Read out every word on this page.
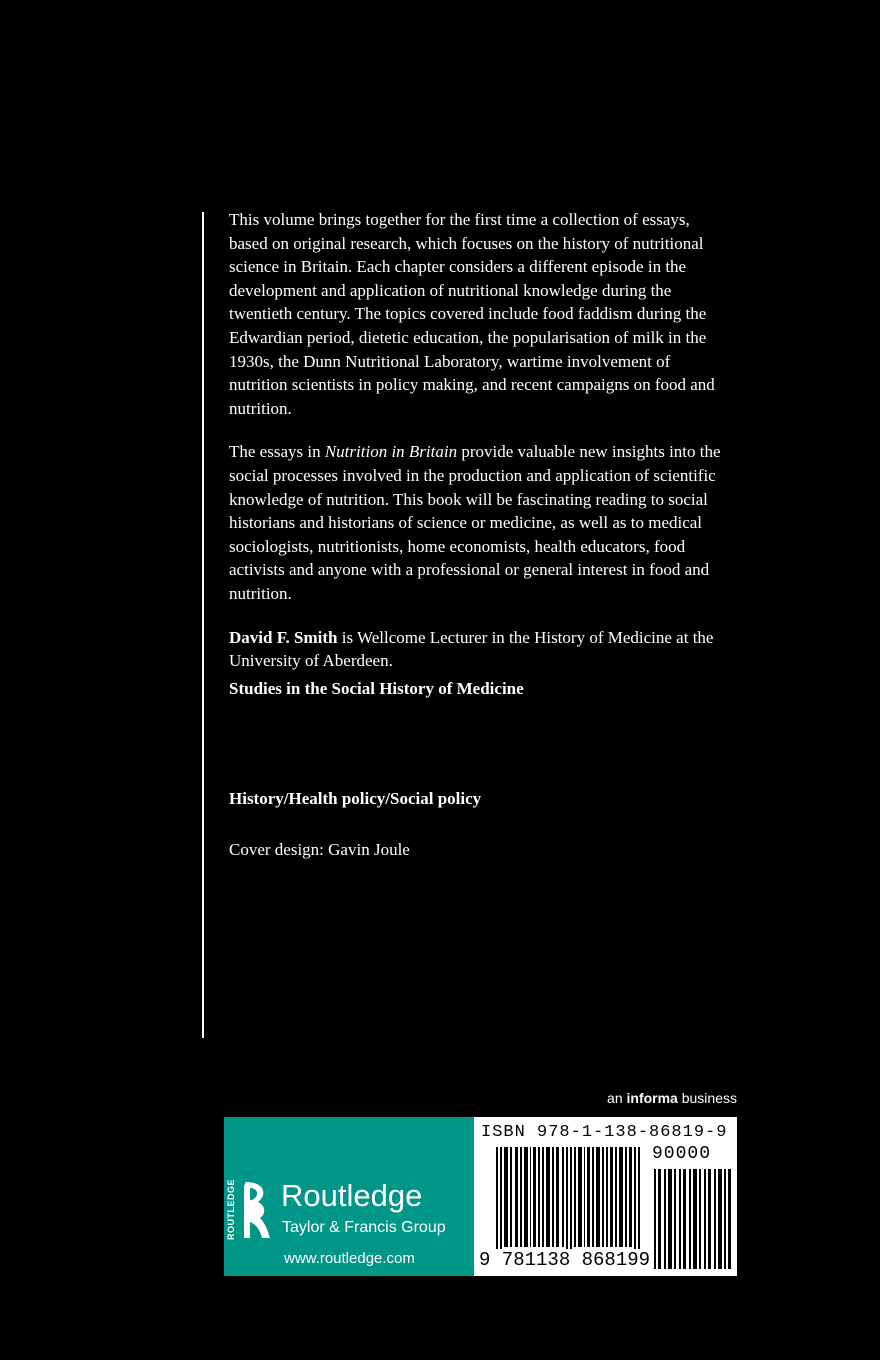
This volume brings together for the first time a collection of essays, based on original research, which focuses on the history of nutritional science in Britain. Each chapter considers a different episode in the development and application of nutritional knowledge during the twentieth century. The topics covered include food faddism during the Edwardian period, dietetic education, the popularisation of milk in the 1930s, the Dunn Nutritional Laboratory, wartime involvement of nutrition scientists in policy making, and recent campaigns on food and nutrition.

The essays in Nutrition in Britain provide valuable new insights into the social processes involved in the production and application of scientific knowledge of nutrition. This book will be fascinating reading to social historians and historians of science or medicine, as well as to medical sociologists, nutritionists, home economists, health educators, food activists and anyone with a professional or general interest in food and nutrition.

David F. Smith is Wellcome Lecturer in the History of Medicine at the University of Aberdeen.

Studies in the Social History of Medicine
History/Health policy/Social policy
Cover design: Gavin Joule
an informa business
ROUTLEDGE Routledge
Taylor & Francis Group
www.routledge.com
ISBN 978-1-138-86819-9
90000
9 781138 868199
